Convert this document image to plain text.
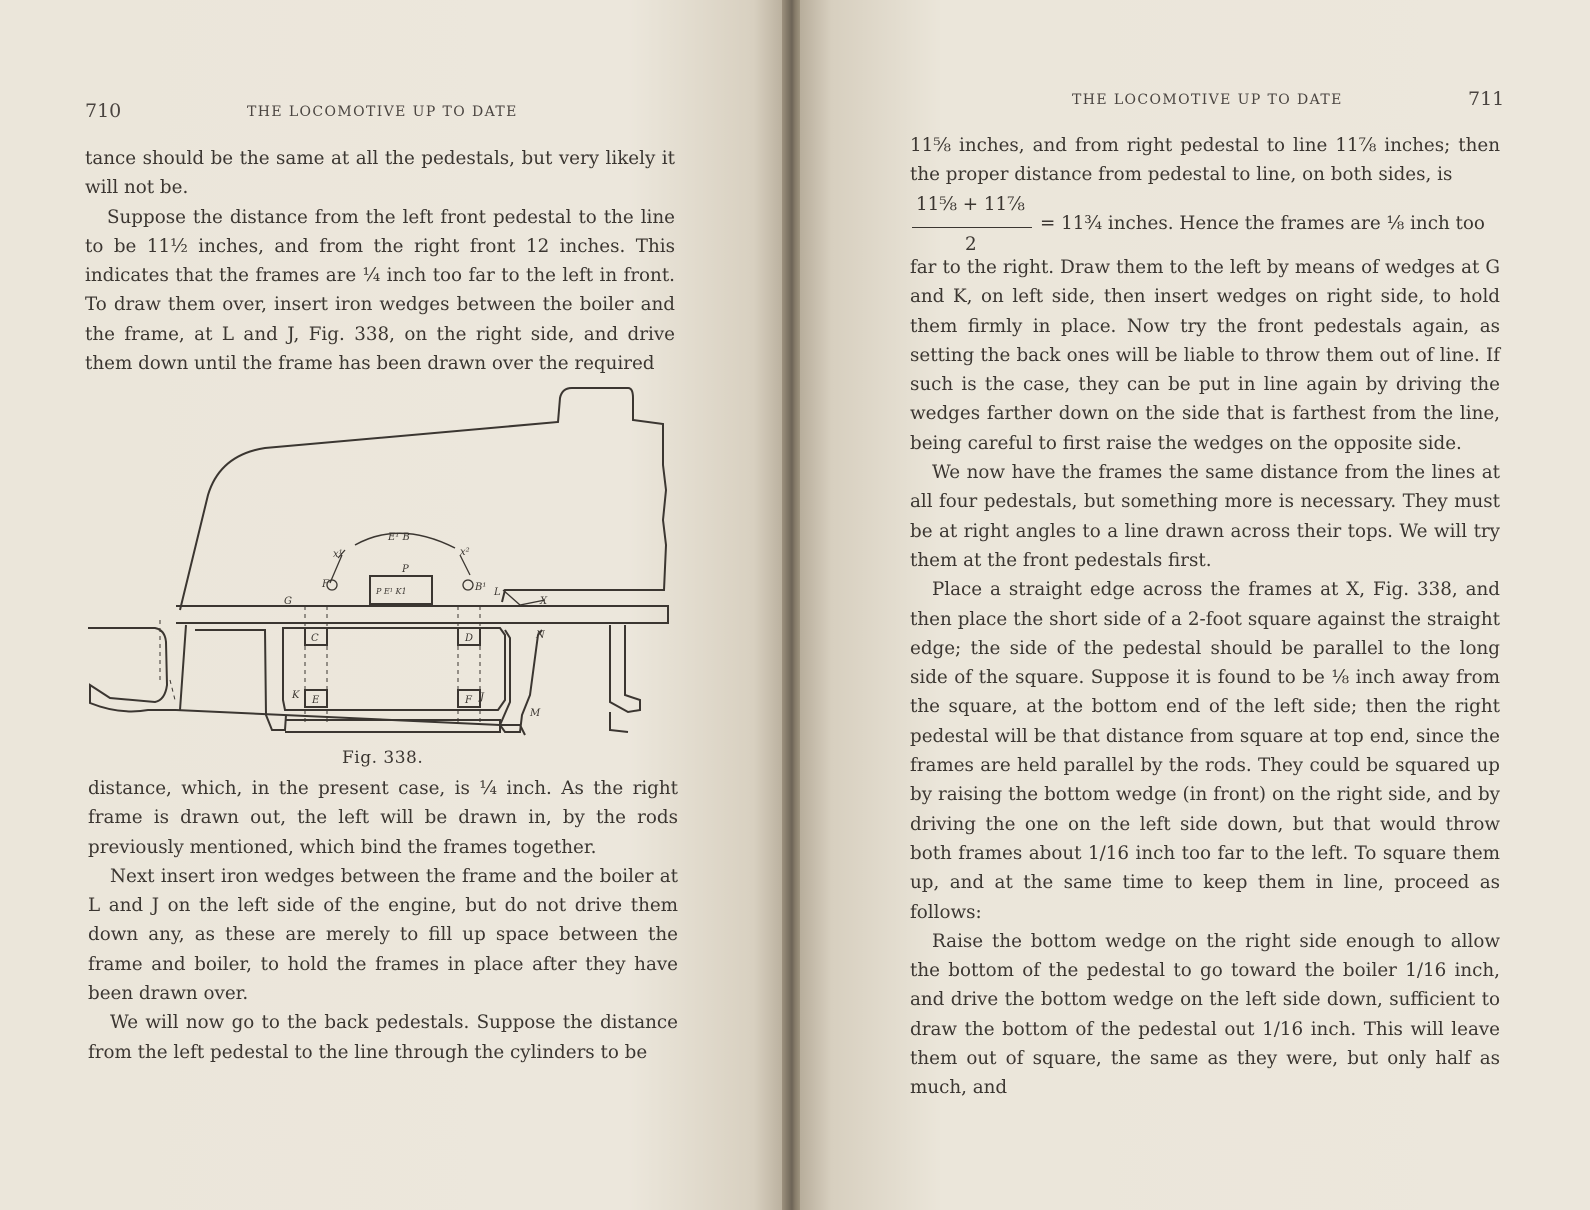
710	THE LOCOMOTIVE UP TO DATE

tance should be the same at all the pedestals, but very likely it will not be.

Suppose the distance from the left front pedestal to the line to be 11½ inches, and from the right front 12 inches. This indicates that the frames are ¼ inch too far to the left in front. To draw them over, insert iron wedges between the boiler and the frame, at L and J, Fig. 338, on the right side, and drive them down until the frame has been drawn over the required

G
K
C	D
E	F J
N
M
L
X
P
F	B¹
x¹	x²
E¹ B
P E¹ K1
Fig. 338.

distance, which, in the present case, is ¼ inch. As the right frame is drawn out, the left will be drawn in, by the rods previously mentioned, which bind the frames together.

Next insert iron wedges between the frame and the boiler at L and J on the left side of the engine, but do not drive them down any, as these are merely to fill up space between the frame and boiler, to hold the frames in place after they have been drawn over.

We will now go to the back pedestals. Suppose the distance from the left pedestal to the line through the cylinders to be

THE LOCOMOTIVE UP TO DATE	711
11⅝ inches, and from right pedestal to line 11⅞ inches; then the proper distance from pedestal to line, on both sides, is
11⅝ + 11⅞
2
= 11¾ inches. Hence the frames are ⅛ inch too

far to the right. Draw them to the left by means of wedges at G and K, on left side, then insert wedges on right side, to hold them firmly in place. Now try the front pedestals again, as setting the back ones will be liable to throw them out of line. If such is the case, they can be put in line again by driving the wedges farther down on the side that is farthest from the line, being careful to first raise the wedges on the opposite side.

We now have the frames the same distance from the lines at all four pedestals, but something more is necessary. They must be at right angles to a line drawn across their tops. We will try them at the front pedestals first.

Place a straight edge across the frames at X, Fig. 338, and then place the short side of a 2-foot square against the straight edge; the side of the pedestal should be parallel to the long side of the square. Suppose it is found to be ⅛ inch away from the square, at the bottom end of the left side; then the right pedestal will be that distance from square at top end, since the frames are held parallel by the rods. They could be squared up by raising the bottom wedge (in front) on the right side, and by driving the one on the left side down, but that would throw both frames about 1/16 inch too far to the left. To square them up, and at the same time to keep them in line, proceed as follows:

Raise the bottom wedge on the right side enough to allow the bottom of the pedestal to go toward the boiler 1/16 inch, and drive the bottom wedge on the left side down, sufficient to draw the bottom of the pedestal out 1/16 inch. This will leave them out of square, the same as they were, but only half as much, and
